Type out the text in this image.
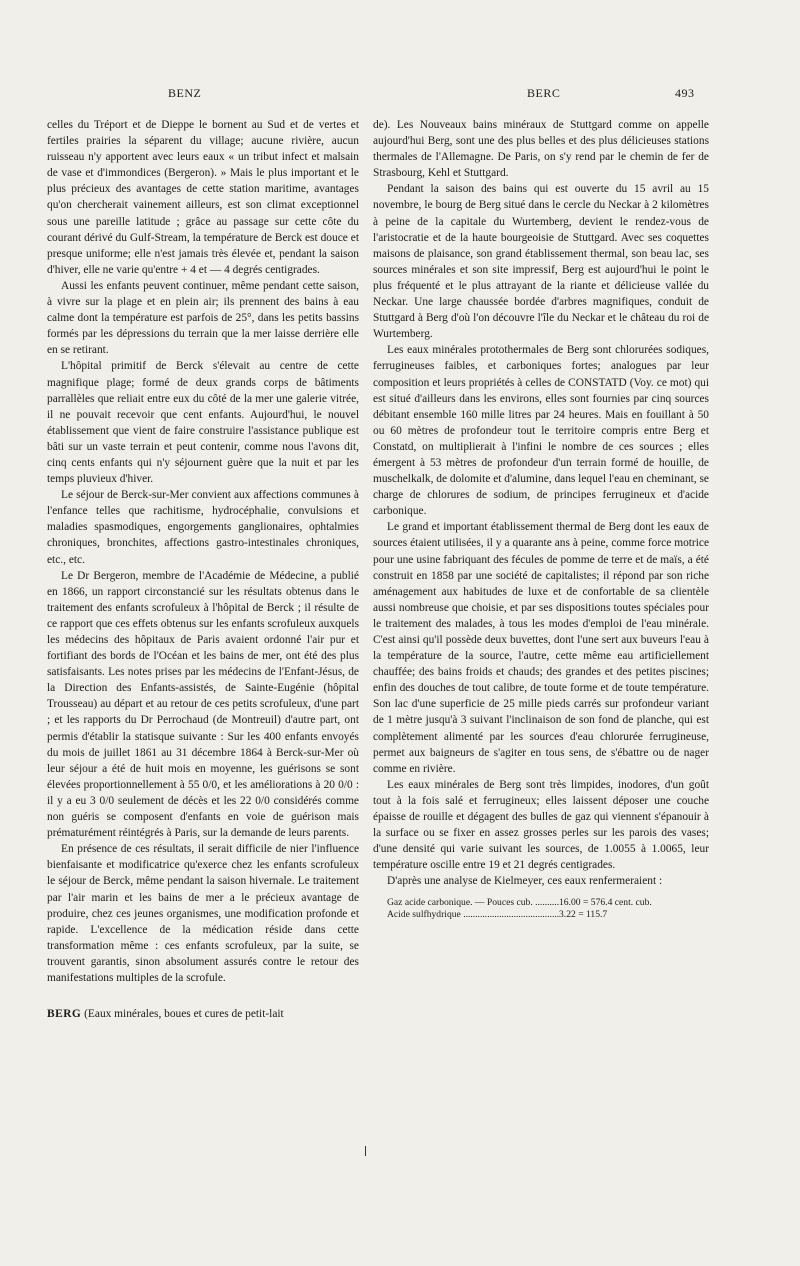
BENZ	BERC	493

celles du Tréport et de Dieppe le bornent au Sud et de vertes et fertiles prairies la séparent du village; aucune rivière, aucun ruisseau n'y apportent avec leurs eaux « un tribut infect et malsain de vase et d'immondices (Bergeron). » Mais le plus important et le plus précieux des avantages de cette station maritime, avantages qu'on chercherait vainement ailleurs, est son climat exceptionnel sous une pareille latitude ; grâce au passage sur cette côte du courant dérivé du Gulf-Stream, la température de Berck est douce et presque uniforme; elle n'est jamais très élevée et, pendant la saison d'hiver, elle ne varie qu'entre + 4 et — 4 degrés centigrades.

Aussi les enfants peuvent continuer, même pendant cette saison, à vivre sur la plage et en plein air; ils prennent des bains à eau calme dont la température est parfois de 25°, dans les petits bassins formés par les dépressions du terrain que la mer laisse derrière elle en se retirant.

L'hôpital primitif de Berck s'élevait au centre de cette magnifique plage; formé de deux grands corps de bâtiments parrallèles que reliait entre eux du côté de la mer une galerie vitrée, il ne pouvait recevoir que cent enfants. Aujourd'hui, le nouvel établissement que vient de faire construire l'assistance publique est bâti sur un vaste terrain et peut contenir, comme nous l'avons dit, cinq cents enfants qui n'y séjournent guère que la nuit et par les temps pluvieux d'hiver.

Le séjour de Berck-sur-Mer convient aux affections communes à l'enfance telles que rachitisme, hydrocéphalie, convulsions et maladies spasmodiques, engorgements ganglionaires, ophtalmies chroniques, bronchites, affections gastro-intestinales chroniques, etc., etc.

Le Dr Bergeron, membre de l'Académie de Médecine, a publié en 1866, un rapport circonstancié sur les résultats obtenus dans le traitement des enfants scrofuleux à l'hôpital de Berck ; il résulte de ce rapport que ces effets obtenus sur les enfants scrofuleux auxquels les médecins des hôpitaux de Paris avaient ordonné l'air pur et fortifiant des bords de l'Océan et les bains de mer, ont été des plus satisfaisants. Les notes prises par les médecins de l'Enfant-Jésus, de la Direction des Enfants-assistés, de Sainte-Eugénie (hôpital Trousseau) au départ et au retour de ces petits scrofuleux, d'une part ; et les rapports du Dr Perrochaud (de Montreuil) d'autre part, ont permis d'établir la statisque suivante : Sur les 400 enfants envoyés du mois de juillet 1861 au 31 décembre 1864 à Berck-sur-Mer où leur séjour a été de huit mois en moyenne, les guérisons se sont élevées proportionnellement à 55 0/0, et les améliorations à 20 0/0 : il y a eu 3 0/0 seulement de décès et les 22 0/0 considérés comme non guéris se composent d'enfants en voie de guérison mais prématurément réintégrés à Paris, sur la demande de leurs parents.

En présence de ces résultats, il serait difficile de nier l'influence bienfaisante et modificatrice qu'exerce chez les enfants scrofuleux le séjour de Berck, même pendant la saison hivernale. Le traitement par l'air marin et les bains de mer a le précieux avantage de produire, chez ces jeunes organismes, une modification profonde et rapide. L'excellence de la médication réside dans cette transformation même : ces enfants scrofuleux, par la suite, se trouvent garantis, sinon absolument assurés contre le retour des manifestations multiples de la scrofule.

BERG (Eaux minérales, boues et cures de petit-lait

de). Les Nouveaux bains minéraux de Stuttgard comme on appelle aujourd'hui Berg, sont une des plus belles et des plus délicieuses stations thermales de l'Allemagne. De Paris, on s'y rend par le chemin de fer de Strasbourg, Kehl et Stuttgard.

Pendant la saison des bains qui est ouverte du 15 avril au 15 novembre, le bourg de Berg situé dans le cercle du Neckar à 2 kilomètres à peine de la capitale du Wurtemberg, devient le rendez-vous de l'aristocratie et de la haute bourgeoisie de Stuttgard. Avec ses coquettes maisons de plaisance, son grand établissement thermal, son beau lac, ses sources minérales et son site impressif, Berg est aujourd'hui le point le plus fréquenté et le plus attrayant de la riante et délicieuse vallée du Neckar. Une large chaussée bordée d'arbres magnifiques, conduit de Stuttgard à Berg d'où l'on découvre l'île du Neckar et le château du roi de Wurtemberg.

Les eaux minérales protothermales de Berg sont chlorurées sodiques, ferrugineuses faibles, et carboniques fortes; analogues par leur composition et leurs propriétés à celles de CONSTATD (Voy. ce mot) qui est situé d'ailleurs dans les environs, elles sont fournies par cinq sources débitant ensemble 160 mille litres par 24 heures. Mais en fouillant à 50 ou 60 mètres de profondeur tout le territoire compris entre Berg et Constatd, on multiplierait à l'infini le nombre de ces sources ; elles émergent à 53 mètres de profondeur d'un terrain formé de houille, de muschelkalk, de dolomite et d'alumine, dans lequel l'eau en cheminant, se charge de chlorures de sodium, de principes ferrugineux et d'acide carbonique.

Le grand et important établissement thermal de Berg dont les eaux de sources étaient utilisées, il y a quarante ans à peine, comme force motrice pour une usine fabriquant des fécules de pomme de terre et de maïs, a été construit en 1858 par une société de capitalistes; il répond par son riche aménagement aux habitudes de luxe et de confortable de sa clientèle aussi nombreuse que choisie, et par ses dispositions toutes spéciales pour le traitement des malades, à tous les modes d'emploi de l'eau minérale. C'est ainsi qu'il possède deux buvettes, dont l'une sert aux buveurs l'eau à la température de la source, l'autre, cette même eau artificiellement chauffée; des bains froids et chauds; des grandes et des petites piscines; enfin des douches de tout calibre, de toute forme et de toute température. Son lac d'une superficie de 25 mille pieds carrés sur profondeur variant de 1 mètre jusqu'à 3 suivant l'inclinaison de son fond de planche, qui est complètement alimenté par les sources d'eau chlorurée ferrugineuse, permet aux baigneurs de s'agiter en tous sens, de s'ébattre ou de nager comme en rivière.

Les eaux minérales de Berg sont très limpides, inodores, d'un goût tout à la fois salé et ferrugineux; elles laissent déposer une couche épaisse de rouille et dégagent des bulles de gaz qui viennent s'épanouir à la surface ou se fixer en assez grosses perles sur les parois des vases; d'une densité qui varie suivant les sources, de 1.0055 à 1.0065, leur température oscille entre 19 et 21 degrés centigrades.

D'après une analyse de Kielmeyer, ces eaux renfermeraient :

Gaz acide carbonique. — Pouces cub. .....	16.00 = 576.4 cent. cub.
Acide sulfhydrique .....	3.22 = 115.7
